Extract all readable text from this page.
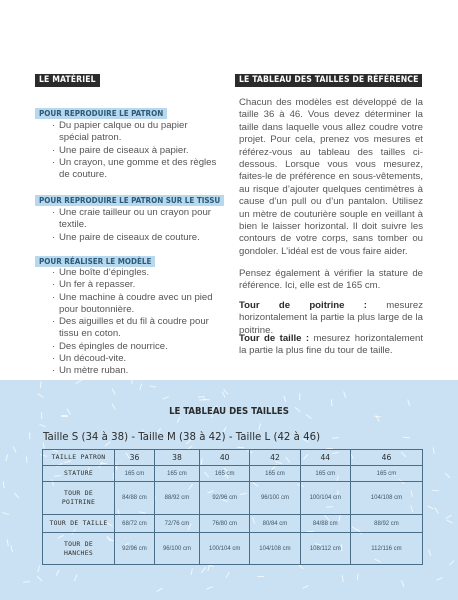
LE MATÉRIEL
POUR REPRODUIRE LE PATRON
· Du papier calque ou du papier spécial patron.
· Une paire de ciseaux à papier.
· Un crayon, une gomme et des règles de couture.
POUR REPRODUIRE LE PATRON SUR LE TISSU
· Une craie tailleur ou un crayon pour textile.
· Une paire de ciseaux de couture.
POUR RÉALISER LE MODÈLE
· Une boîte d’épingles.
· Un fer à repasser.
· Une machine à coudre avec un pied pour boutonnière.
· Des aiguilles et du fil à coudre pour tissu en coton.
· Des épingles de nourrice.
· Un découd-vite.
· Un mètre ruban.
LE TABLEAU DES TAILLES DE RÉFÉRENCE

Chacun des modèles est développé de la taille 36 à 46. Vous devez déterminer la taille dans laquelle vous allez coudre votre projet. Pour cela, prenez vos mesures et référez-vous au tableau des tailles ci-dessous. Lorsque vous vous mesurez, faites-le de préférence en sous-vêtements, au risque d’ajouter quelques centimètres à cause d’un pull ou d’un pantalon. Utilisez un mètre de couturière souple en veillant à bien le laisser horizontal. Il doit suivre les contours de votre corps, sans tomber ou gondoler. L’idéal est de vous faire aider.

Pensez également à vérifier la stature de référence. Ici, elle est de 165 cm.

Tour de poitrine : mesurez horizontalement la partie la plus large de la poitrine.

Tour de taille : mesurez horizontalement la partie la plus fine du tour de taille.

LE TABLEAU DES TAILLES
Taille S (34 à 38) - Taille M (38 à 42) - Taille L (42 à 46)
TAILLE PATRON	36	38	40	42	44	46
STATURE	165 cm	165 cm	165 cm	165 cm	165 cm	165 cm
TOUR DE POITRINE	84/88 cm	88/92 cm	92/96 cm	96/100 cm	100/104 cm	104/108 cm
TOUR DE TAILLE	68/72 cm	72/76 cm	76/80 cm	80/84 cm	84/88 cm	88/92 cm
TOUR DE HANCHES	92/96 cm	96/100 cm	100/104 cm	104/108 cm	108/112 cm	112/116 cm
